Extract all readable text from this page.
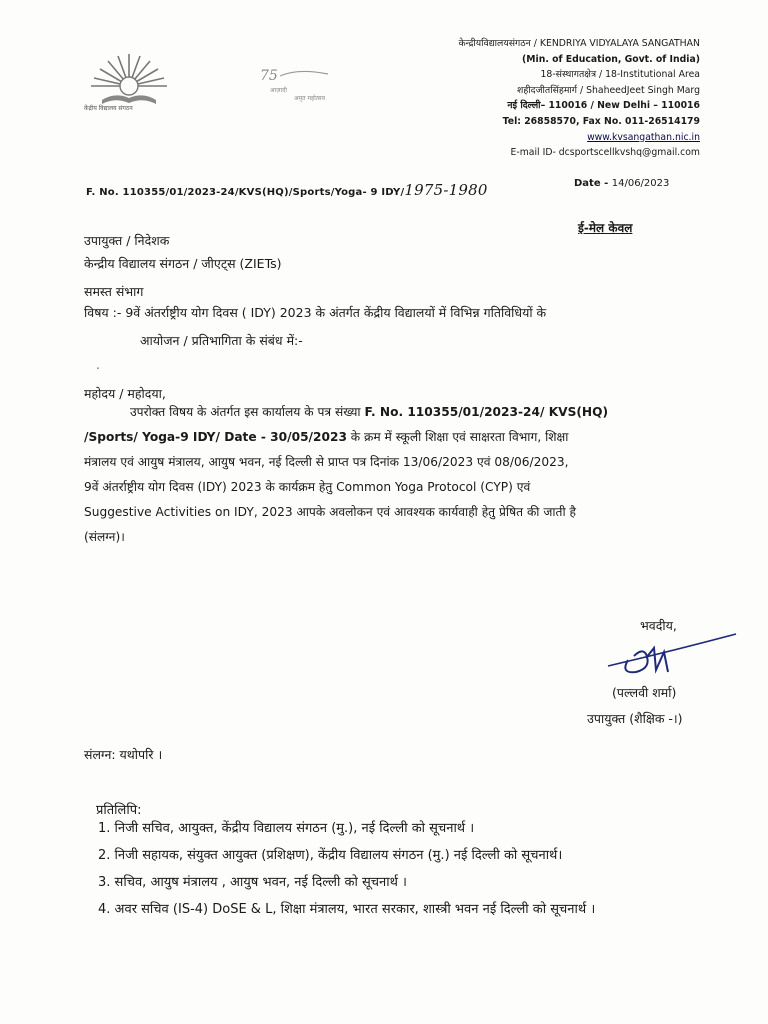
केंद्रीय विद्यालय संगठन
75
आज़ादी
अमृत महोत्सव
केन्द्रीयविद्यालयसंगठन / KENDRIYA VIDYALAYA SANGATHAN
(Min. of Education, Govt. of India)
18-संस्थागतक्षेत्र / 18-Institutional Area
शहीदजीतसिंहमार्ग / ShaheedJeet Singh Marg
नई दिल्ली– 110016 / New Delhi – 110016
Tel: 26858570, Fax No. 011-26514179
www.kvsangathan.nic.in
E-mail ID- dcsportscellkvshq@gmail.com
F. No. 110355/01/2023-24/KVS(HQ)/Sports/Yoga- 9 IDY/1975-1980	Date - 14/06/2023
ई-मेल केवल
उपायुक्त / निदेशक
केन्द्रीय विद्यालय संगठन / जीएट्स (ZIETs)
समस्त संभाग
विषय :- 9वें अंतर्राष्ट्रीय योग दिवस ( IDY) 2023 के अंतर्गत केंद्रीय विद्यालयों में विभिन्न गतिविधियों के
आयोजन / प्रतिभागिता के संबंध में:-
.
महोदय / महोदया,

उपरोक्त विषय के अंतर्गत इस कार्यालय के पत्र संख्या F. No. 110355/01/2023-24/ KVS(HQ)

/Sports/ Yoga-9 IDY/ Date - 30/05/2023 के क्रम में स्कूली शिक्षा एवं साक्षरता विभाग, शिक्षा

मंत्रालय एवं आयुष मंत्रालय, आयुष भवन, नई दिल्ली से प्राप्त पत्र दिनांक 13/06/2023 एवं 08/06/2023,

9वें अंतर्राष्ट्रीय योग दिवस (IDY) 2023 के कार्यक्रम हेतु Common Yoga Protocol (CYP) एवं

Suggestive Activities on IDY, 2023 आपके अवलोकन एवं आवश्यक कार्यवाही हेतु प्रेषित की जाती है

(संलग्न)।

भवदीय,
(पल्लवी शर्मा)
उपायुक्त (शैक्षिक -।)
संलग्न: यथोपरि ।
प्रतिलिपि:
1. निजी सचिव, आयुक्त, केंद्रीय विद्यालय संगठन (मु.), नई दिल्ली को सूचनार्थ ।
2. निजी सहायक, संयुक्त आयुक्त (प्रशिक्षण), केंद्रीय विद्यालय संगठन (मु.) नई दिल्ली को सूचनार्थ।
3. सचिव, आयुष मंत्रालय , आयुष भवन, नई दिल्ली को सूचनार्थ ।
4. अवर सचिव (IS-4) DoSE & L, शिक्षा मंत्रालय, भारत सरकार, शास्त्री भवन नई दिल्ली को सूचनार्थ ।
